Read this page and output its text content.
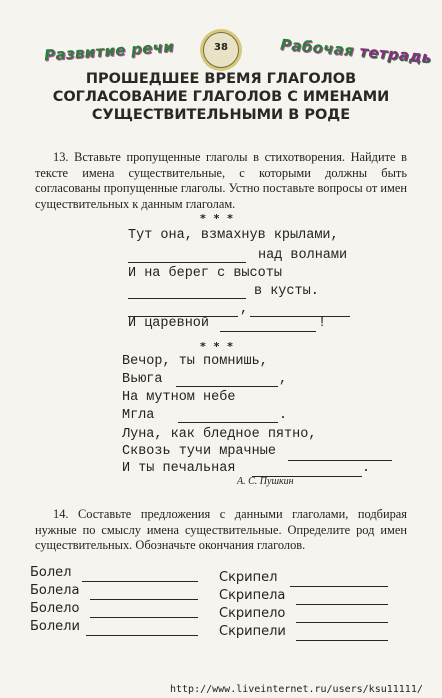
Развитие речи	38	Рабочая тетрадь
ПРОШЕДШЕЕ ВРЕМЯ ГЛАГОЛОВ
СОГЛАСОВАНИЕ ГЛАГОЛОВ С ИМЕНАМИ
СУЩЕСТВИТЕЛЬНЫМИ В РОДЕ
13. Вставьте пропущенные глаголы в стихотворения. Найдите в тексте имена существительные, с которыми должны быть согласованы пропущенные глаголы. Устно поставьте вопросы от имен существительных к данным глаголам.
* * *
Тут она, взмахнув крылами,
над волнами
И на берег с высоты
в кусты.
,
И царевной	!
* * *
Вечор, ты помнишь,
Вьюга	,
На мутном небе
Мгла	.
Луна, как бледное пятно,
Сквозь тучи мрачные
И ты печальная	.
А. С. Пушкин
14. Составьте предложения с данными глаголами, подбирая нужные по смыслу имена существительные. Определите род имен существительных. Обозначьте окончания глаголов.
Болел
Болела
Болело
Болели
Скрипел
Скрипела
Скрипело
Скрипели
http://www.liveinternet.ru/users/ksu11111/
